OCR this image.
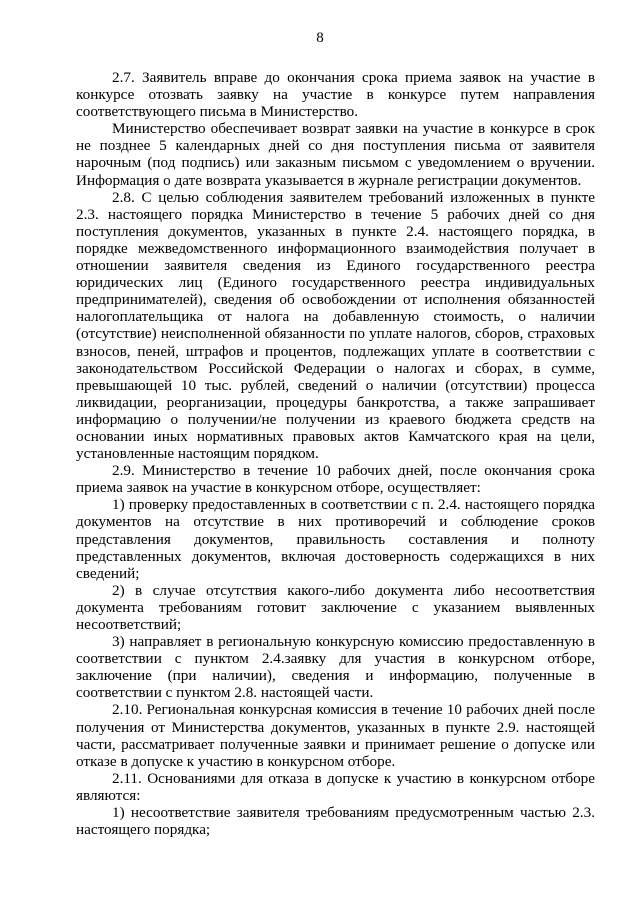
8

2.7. Заявитель вправе до окончания срока приема заявок на участие в конкурсе отозвать заявку на участие в конкурсе путем направления соответствующего письма в Министерство.

Министерство обеспечивает возврат заявки на участие в конкурсе в срок не позднее 5 календарных дней со дня поступления письма от заявителя нарочным (под подпись) или заказным письмом с уведомлением о вручении. Информация о дате возврата указывается в журнале регистрации документов.

2.8. С целью соблюдения заявителем требований изложенных в пункте 2.3. настоящего порядка Министерство в течение 5 рабочих дней со дня поступления документов, указанных в пункте 2.4. настоящего порядка, в порядке межведомственного информационного взаимодействия получает в отношении заявителя сведения из Единого государственного реестра юридических лиц (Единого государственного реестра индивидуальных предпринимателей), сведения об освобождении от исполнения обязанностей налогоплательщика от налога на добавленную стоимость, о наличии (отсутствие) неисполненной обязанности по уплате налогов, сборов, страховых взносов, пеней, штрафов и процентов, подлежащих уплате в соответствии с законодательством Российской Федерации о налогах и сборах, в сумме, превышающей 10 тыс. рублей, сведений о наличии (отсутствии) процесса ликвидации, реорганизации, процедуры банкротства, а также запрашивает информацию о получении/не получении из краевого бюджета средств на основании иных нормативных правовых актов Камчатского края на цели, установленные настоящим порядком.

2.9. Министерство в течение 10 рабочих дней, после окончания срока приема заявок на участие в конкурсном отборе, осуществляет:

1) проверку предоставленных в соответствии с п. 2.4. настоящего порядка документов на отсутствие в них противоречий и соблюдение сроков представления документов, правильность составления и полноту представленных документов, включая достоверность содержащихся в них сведений;

2) в случае отсутствия какого-либо документа либо несоответствия документа требованиям готовит заключение с указанием выявленных несоответствий;

3) направляет в региональную конкурсную комиссию предоставленную в соответствии с пунктом 2.4.заявку для участия в конкурсном отборе, заключение (при наличии), сведения и информацию, полученные в соответствии с пунктом 2.8. настоящей части.

2.10. Региональная конкурсная комиссия в течение 10 рабочих дней после получения от Министерства документов, указанных в пункте 2.9. настоящей части, рассматривает полученные заявки и принимает решение о допуске или отказе в допуске к участию в конкурсном отборе.

2.11. Основаниями для отказа в допуске к участию в конкурсном отборе являются:

1) несоответствие заявителя требованиям предусмотренным частью 2.3. настоящего порядка;
